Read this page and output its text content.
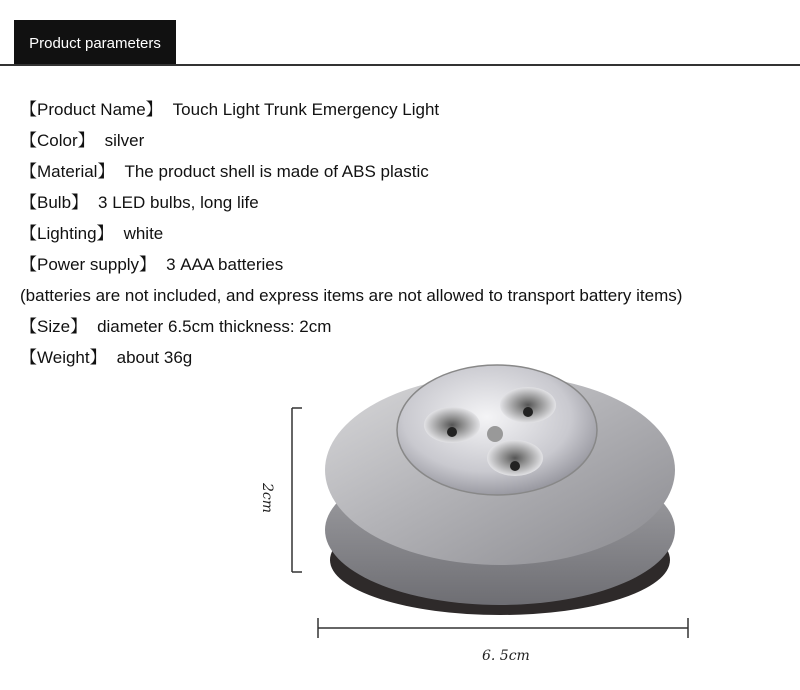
Product parameters
【Product Name】 Touch Light Trunk Emergency Light
【Color】 silver
【Material】 The product shell is made of ABS plastic
【Bulb】 3 LED bulbs, long life
【Lighting】 white
【Power supply】 3 AAA batteries
(batteries are not included, and express items are not allowed to transport battery items)
【Size】 diameter 6.5cm thickness: 2cm
【Weight】 about 36g
2cm
6. 5cm
